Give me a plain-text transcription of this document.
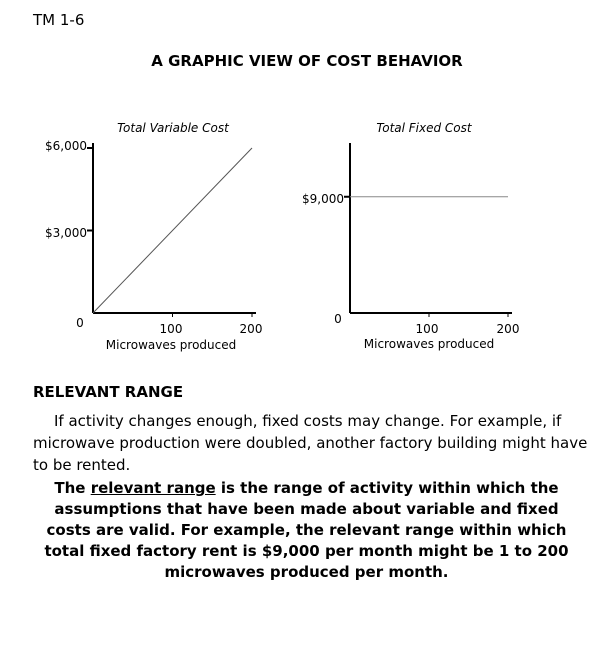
TM 1-6
A GRAPHIC VIEW OF COST BEHAVIOR
Total Variable Cost
0
$3,000
$6,000
100	200
Microwaves produced
Total Fixed Cost
0
$9,000
100	200
Microwaves produced
RELEVANT RANGE
If activity changes enough, fixed costs may change. For example, if microwave production were doubled, another factory building might have to be rented.
The relevant range is the range of activity within which the assumptions that have been made about variable and fixed costs are valid. For example, the relevant range within which total fixed factory rent is $9,000 per month might be 1 to 200 microwaves produced per month.
